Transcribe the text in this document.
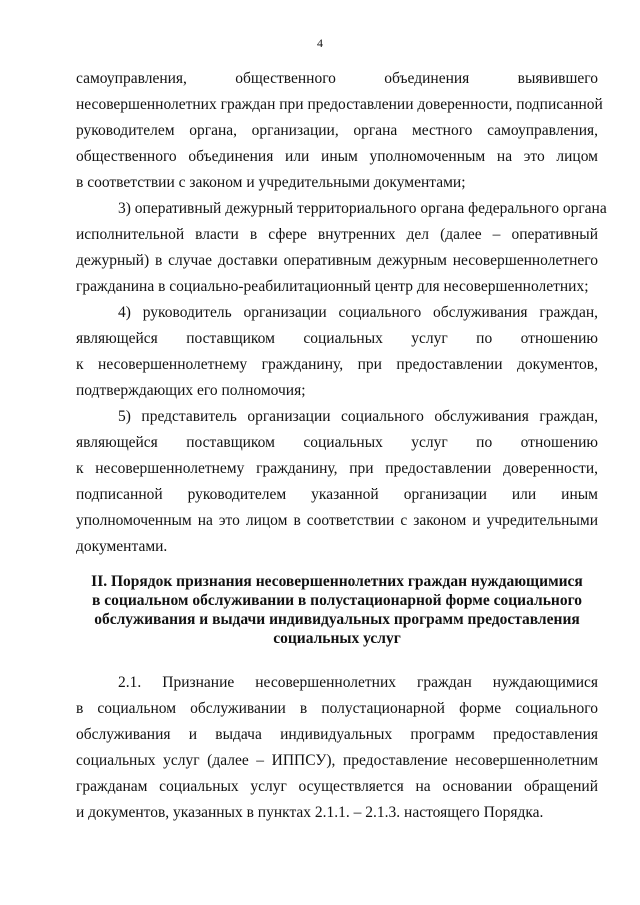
4
самоуправления, общественного объединения выявившего
несовершеннолетних граждан при предоставлении доверенности, подписанной
руководителем органа, организации, органа местного самоуправления,
общественного объединения или иным уполномоченным на это лицом
в соответствии с законом и учредительными документами;
3) оперативный дежурный территориального органа федерального органа
исполнительной власти в сфере внутренних дел (далее – оперативный
дежурный) в случае доставки оперативным дежурным несовершеннолетнего
гражданина в социально-реабилитационный центр для несовершеннолетних;
4) руководитель организации социального обслуживания граждан,
являющейся поставщиком социальных услуг по отношению
к несовершеннолетнему гражданину, при предоставлении документов,
подтверждающих его полномочия;
5) представитель организации социального обслуживания граждан,
являющейся поставщиком социальных услуг по отношению
к несовершеннолетнему гражданину, при предоставлении доверенности,
подписанной руководителем указанной организации или иным
уполномоченным на это лицом в соответствии с законом и учредительными
документами.
II. Порядок признания несовершеннолетних граждан нуждающимися
в социальном обслуживании в полустационарной форме социального
обслуживания и выдачи индивидуальных программ предоставления
социальных услуг
2.1. Признание несовершеннолетних граждан нуждающимися
в социальном обслуживании в полустационарной форме социального
обслуживания и выдача индивидуальных программ предоставления
социальных услуг (далее – ИППСУ), предоставление несовершеннолетним
гражданам социальных услуг осуществляется на основании обращений
и документов, указанных в пунктах 2.1.1. – 2.1.3. настоящего Порядка.
